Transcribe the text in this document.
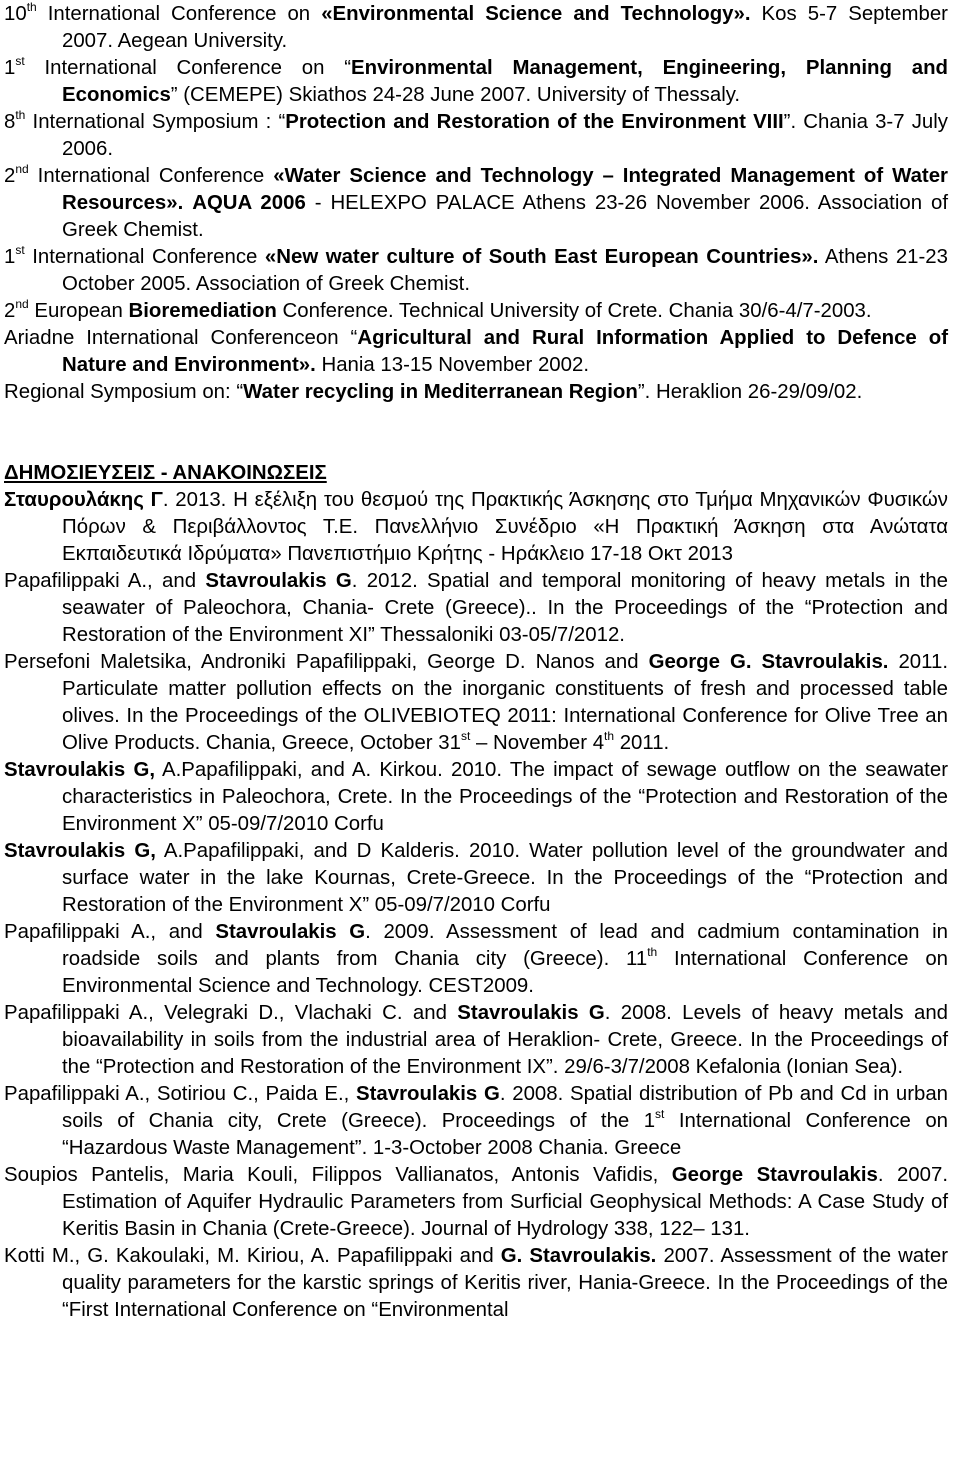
10th International Conference on «Environmental Science and Technology». Kos 5-7 September 2007. Aegean University.

1st International Conference on “Environmental Management, Engineering, Planning and Economics” (CEMEPE) Skiathos 24-28 June 2007. University of Thessaly.

8th International Symposium : “Protection and Restoration of the Environment VIII”. Chania 3-7 July 2006.

2nd International Conference «Water Science and Technology – Integrated Management of Water Resources». AQUA 2006 - HELEXPO PALACE Athens 23-26 November 2006. Association of Greek Chemist.

1st International Conference «New water culture of South East European Countries». Athens 21-23 October 2005. Association of Greek Chemist.

2nd European Bioremediation Conference. Technical University of Crete. Chania 30/6-4/7-2003.

Ariadne International Conferenceon “Agricultural and Rural Information Applied to Defence of Nature and Environment». Hania 13-15 November 2002.

Regional Symposium on: “Water recycling in Mediterranean Region”. Heraklion 26-29/09/02.

ΔΗΜΟΣΙΕΥΣΕΙΣ - ΑΝΑΚΟΙΝΩΣΕΙΣ

Σταυρουλάκης Γ. 2013. Η εξέλιξη του θεσμού της Πρακτικής Άσκησης στο Τμήμα Μηχανικών Φυσικών Πόρων & Περιβάλλοντος Τ.Ε. Πανελλήνιο Συνέδριο «Η Πρακτική Άσκηση στα Ανώτατα Εκπαιδευτικά Ιδρύματα» Πανεπιστήμιο Κρήτης - Ηράκλειο 17-18 Οκτ 2013

Papafilippaki A., and Stavroulakis G. 2012. Spatial and temporal monitoring of heavy metals in the seawater of Paleochora, Chania- Crete (Greece).. In the Proceedings of the “Protection and Restoration of the Environment XI” Thessaloniki 03-05/7/2012.

Persefoni Maletsika, Androniki Papafilippaki, George D. Nanos and George G. Stavroulakis. 2011. Particulate matter pollution effects on the inorganic constituents of fresh and processed table olives. In the Proceedings of the OLIVEBIOTEQ 2011: International Conference for Olive Tree an Olive Products. Chania, Greece, October 31st – November 4th 2011.

Stavroulakis G, A.Papafilippaki, and A. Kirkou. 2010. The impact of sewage outflow on the seawater characteristics in Paleochora, Crete. In the Proceedings of the “Protection and Restoration of the Environment X” 05-09/7/2010 Corfu

Stavroulakis G, A.Papafilippaki, and D Kalderis. 2010. Water pollution level of the groundwater and surface water in the lake Kournas, Crete-Greece. In the Proceedings of the “Protection and Restoration of the Environment X” 05-09/7/2010 Corfu

Papafilippaki A., and Stavroulakis G. 2009. Assessment of lead and cadmium contamination in roadside soils and plants from Chania city (Greece). 11th International Conference on Environmental Science and Technology. CEST2009.

Papafilippaki A., Velegraki D., Vlachaki C. and Stavroulakis G. 2008. Levels of heavy metals and bioavailability in soils from the industrial area of Heraklion- Crete, Greece. In the Proceedings of the “Protection and Restoration of the Environment IX”. 29/6-3/7/2008 Kefalonia (Ionian Sea).

Papafilippaki A., Sotiriou C., Paida E., Stavroulakis G. 2008. Spatial distribution of Pb and Cd in urban soils of Chania city, Crete (Greece). Proceedings of the 1st International Conference on “Hazardous Waste Management”. 1-3-October 2008 Chania. Greece

Soupios Pantelis, Maria Kouli, Filippos Vallianatos, Antonis Vafidis, George Stavroulakis. 2007. Estimation of Aquifer Hydraulic Parameters from Surficial Geophysical Methods: A Case Study of Keritis Basin in Chania (Crete-Greece). Journal of Hydrology 338, 122– 131.

Kotti M., G. Kakoulaki, M. Kiriou, A. Papafilippaki and G. Stavroulakis. 2007. Assessment of the water quality parameters for the karstic springs of Keritis river, Hania-Greece. In the Proceedings of the “First International Conference on “Environmental
